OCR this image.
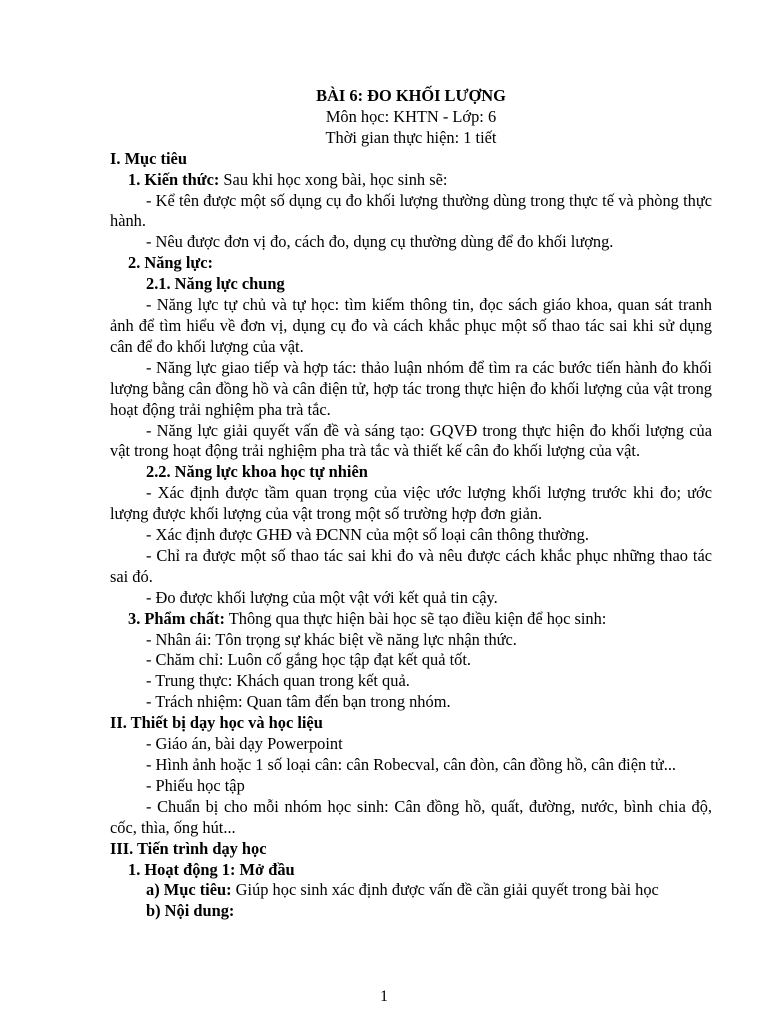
BÀI 6: ĐO KHỐI LƯỢNG

Môn học: KHTN - Lớp: 6

Thời gian thực hiện: 1 tiết

I. Mục tiêu

1. Kiến thức: Sau khi học xong bài, học sinh sẽ:

- Kể tên được một số dụng cụ đo khối lượng thường dùng trong thực tế và phòng thực hành.

- Nêu được đơn vị đo, cách đo, dụng cụ thường dùng để đo khối lượng.

2. Năng lực:

2.1. Năng lực chung

- Năng lực tự chủ và tự học: tìm kiếm thông tin, đọc sách giáo khoa, quan sát tranh ảnh để tìm hiểu về đơn vị, dụng cụ đo và cách khắc phục một số thao tác sai khi sử dụng cân để đo khối lượng của vật.

- Năng lực giao tiếp và hợp tác: thảo luận nhóm để tìm ra các bước tiến hành đo khối lượng bằng cân đồng hồ và cân điện tử, hợp tác trong thực hiện đo khối lượng của vật trong hoạt động trải nghiệm pha trà tắc.

- Năng lực giải quyết vấn đề và sáng tạo: GQVĐ trong thực hiện đo khối lượng của vật trong hoạt động trải nghiệm pha trà tắc và thiết kế cân đo khối lượng của vật.

2.2. Năng lực khoa học tự nhiên

- Xác định được tầm quan trọng của việc ước lượng khối lượng trước khi đo; ước lượng được khối lượng của vật trong một số trường hợp đơn giản.

- Xác định được GHĐ và ĐCNN của một số loại cân thông thường.

- Chỉ ra được một số thao tác sai khi đo và nêu được cách khắc phục những thao tác sai đó.

- Đo được khối lượng của một vật với kết quả tin cậy.

3. Phẩm chất: Thông qua thực hiện bài học sẽ tạo điều kiện để học sinh:

- Nhân ái: Tôn trọng sự khác biệt về năng lực nhận thức.

- Chăm chỉ: Luôn cố gắng học tập đạt kết quả tốt.

- Trung thực: Khách quan trong kết quả.

- Trách nhiệm: Quan tâm đến bạn trong nhóm.

II. Thiết bị dạy học và học liệu

- Giáo án, bài dạy Powerpoint

- Hình ảnh hoặc 1 số loại cân: cân Robecval, cân đòn, cân đồng hồ, cân điện tử...

- Phiếu học tập

- Chuẩn bị cho mỗi nhóm học sinh: Cân đồng hồ, quất, đường, nước, bình chia độ, cốc, thìa, ống hút...

III. Tiến trình dạy học

1. Hoạt động 1: Mở đầu

a) Mục tiêu: Giúp học sinh xác định được vấn đề cần giải quyết trong bài học

b) Nội dung:

1
